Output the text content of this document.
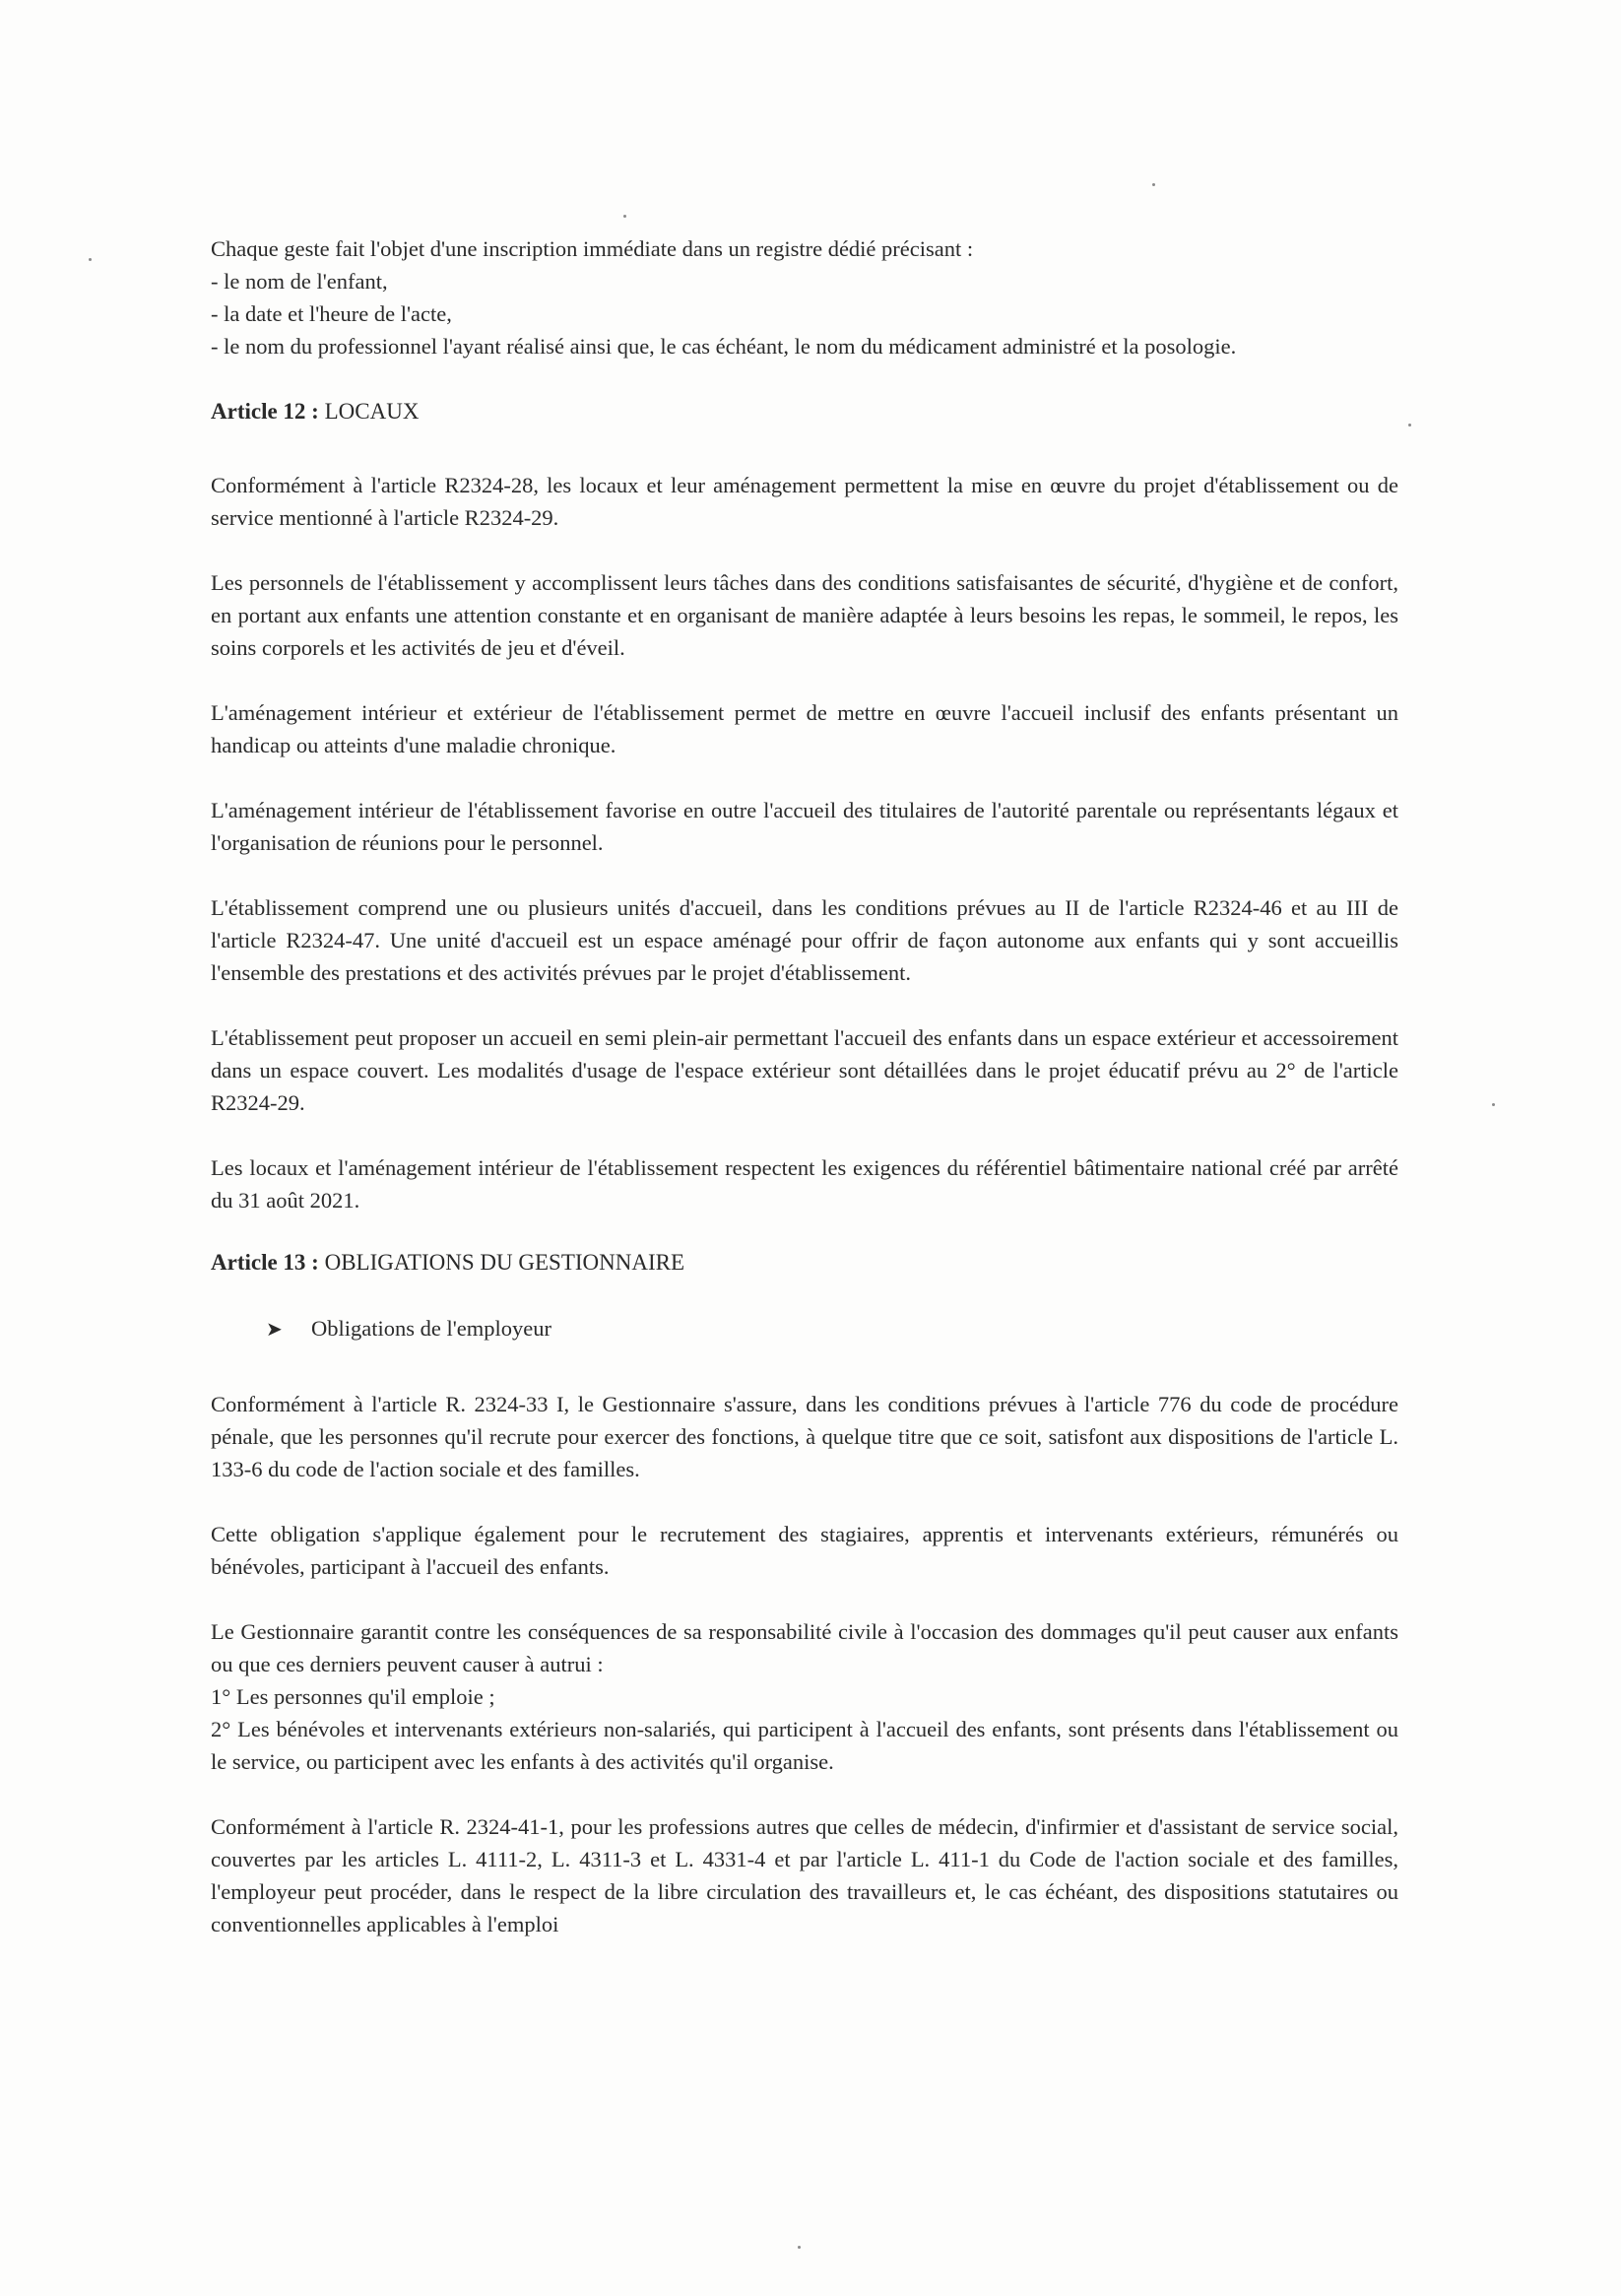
Chaque geste fait l'objet d'une inscription immédiate dans un registre dédié précisant :
- le nom de l'enfant,
- la date et l'heure de l'acte,

- le nom du professionnel l'ayant réalisé ainsi que, le cas échéant, le nom du médicament administré et la posologie.

Article 12 : LOCAUX

Conformément à l'article R2324-28, les locaux et leur aménagement permettent la mise en œuvre du projet d'établissement ou de service mentionné à l'article R2324-29.

Les personnels de l'établissement y accomplissent leurs tâches dans des conditions satisfaisantes de sécurité, d'hygiène et de confort, en portant aux enfants une attention constante et en organisant de manière adaptée à leurs besoins les repas, le sommeil, le repos, les soins corporels et les activités de jeu et d'éveil.

L'aménagement intérieur et extérieur de l'établissement permet de mettre en œuvre l'accueil inclusif des enfants présentant un handicap ou atteints d'une maladie chronique.

L'aménagement intérieur de l'établissement favorise en outre l'accueil des titulaires de l'autorité parentale ou représentants légaux et l'organisation de réunions pour le personnel.

L'établissement comprend une ou plusieurs unités d'accueil, dans les conditions prévues au II de l'article R2324-46 et au III de l'article R2324-47. Une unité d'accueil est un espace aménagé pour offrir de façon autonome aux enfants qui y sont accueillis l'ensemble des prestations et des activités prévues par le projet d'établissement.

L'établissement peut proposer un accueil en semi plein-air permettant l'accueil des enfants dans un espace extérieur et accessoirement dans un espace couvert. Les modalités d'usage de l'espace extérieur sont détaillées dans le projet éducatif prévu au 2° de l'article R2324-29.

Les locaux et l'aménagement intérieur de l'établissement respectent les exigences du référentiel bâtimentaire national créé par arrêté du 31 août 2021.

Article 13 : OBLIGATIONS DU GESTIONNAIRE
➤	Obligations de l'employeur

Conformément à l'article R. 2324-33 I, le Gestionnaire s'assure, dans les conditions prévues à l'article 776 du code de procédure pénale, que les personnes qu'il recrute pour exercer des fonctions, à quelque titre que ce soit, satisfont aux dispositions de l'article L. 133-6 du code de l'action sociale et des familles.

Cette obligation s'applique également pour le recrutement des stagiaires, apprentis et intervenants extérieurs, rémunérés ou bénévoles, participant à l'accueil des enfants.

Le Gestionnaire garantit contre les conséquences de sa responsabilité civile à l'occasion des dommages qu'il peut causer aux enfants ou que ces derniers peuvent causer à autrui :

1° Les personnes qu'il emploie ;

2° Les bénévoles et intervenants extérieurs non-salariés, qui participent à l'accueil des enfants, sont présents dans l'établissement ou le service, ou participent avec les enfants à des activités qu'il organise.

Conformément à l'article R. 2324-41-1, pour les professions autres que celles de médecin, d'infirmier et d'assistant de service social, couvertes par les articles L. 4111-2, L. 4311-3 et L. 4331-4 et par l'article L. 411-1 du Code de l'action sociale et des familles, l'employeur peut procéder, dans le respect de la libre circulation des travailleurs et, le cas échéant, des dispositions statutaires ou conventionnelles applicables à l'emploi
